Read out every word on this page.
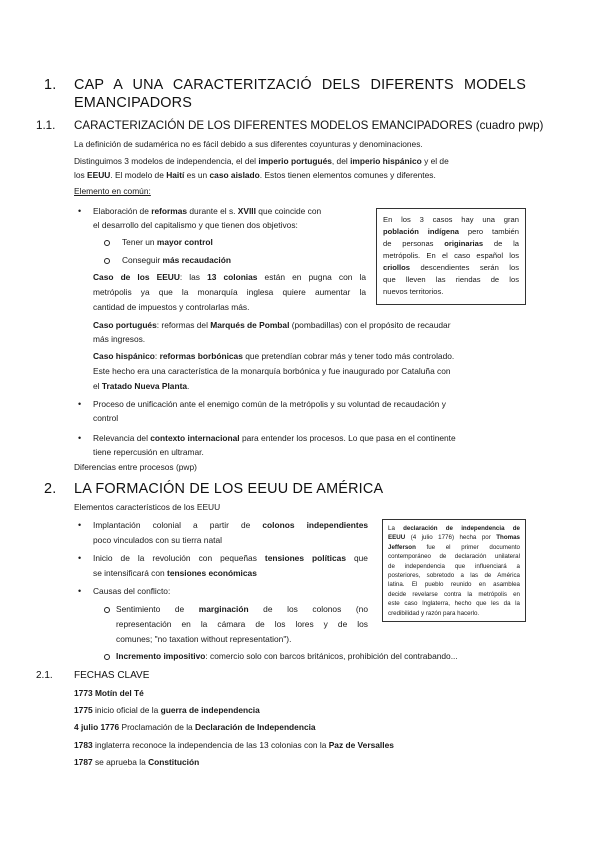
1. CAP A UNA CARACTERITZACIÓ DELS DIFERENTS MODELS
EMANCIPADORS
1.1. CARACTERIZACIÓN DE LOS DIFERENTES MODELOS EMANCIPADORES (cuadro pwp)
La definición de sudamérica no es fácil debido a sus diferentes coyunturas y denominaciones.
Distinguimos 3 modelos de independencia, el del imperio portugués, del imperio hispánico y el de
los EEUU. El modelo de Haití es un caso aislado. Estos tienen elementos comunes y diferentes.
Elemento en común:
• Elaboración de reformas durante el s. XVIII que coincide con
el desarrollo del capitalismo y que tienen dos objetivos:
Tener un mayor control
Conseguir más recaudación
Caso de los EEUU: las 13 colonias están en pugna con la
metrópolis ya que la monarquía inglesa quiere aumentar la
cantidad de impuestos y controlarlas más.
Caso portugués: reformas del Marqués de Pombal (pombadillas) con el propósito de recaudar
más ingresos.
Caso hispánico: reformas borbónicas que pretendían cobrar más y tener todo más controlado.
Este hecho era una característica de la monarquía borbónica y fue inaugurado por Cataluña con
el Tratado Nueva Planta.
• Proceso de unificación ante el enemigo común de la metrópolis y su voluntad de recaudación y
control
• Relevancia del contexto internacional para entender los procesos. Lo que pasa en el continente
tiene repercusión en ultramar.
Diferencias entre procesos (pwp)

En los 3 casos hay una gran

población indígena pero también

de personas originarias de la

metrópolis. En el caso español los

criollos descendientes serán los

que lleven las riendas de los

nuevos territorios.

2. LA FORMACIÓN DE LOS EEUU DE AMÉRICA
Elementos característicos de los EEUU
• Implantación colonial a partir de colonos independientes
poco vinculados con su tierra natal
• Inicio de la revolución con pequeñas tensiones políticas que
se intensificará con tensiones económicas
• Causas del conflicto:
Sentimiento de marginación de los colonos (no
representación en la cámara de los lores y de los
comunes; "no taxation without representation").
Incremento impositivo: comercio solo con barcos británicos, prohibición del contrabando...

La declaración de independencia de

EEUU (4 julio 1776) hecha por Thomas

Jefferson fue el primer documento

contemporáneo de declaración unilateral

de independencia que influenciará a

posteriores, sobretodo a las de América

latina. El pueblo reunido en asamblea

decide revelarse contra la metrópolis en

este caso Inglaterra, hecho que les da la

credibilidad y razón para hacerlo.

2.1. FECHAS CLAVE
1773 Motín del Té
1775 inicio oficial de la guerra de independencia
4 julio 1776 Proclamación de la Declaración de Independencia
1783 inglaterra reconoce la independencia de las 13 colonias con la Paz de Versalles
1787 se aprueba la Constitución
